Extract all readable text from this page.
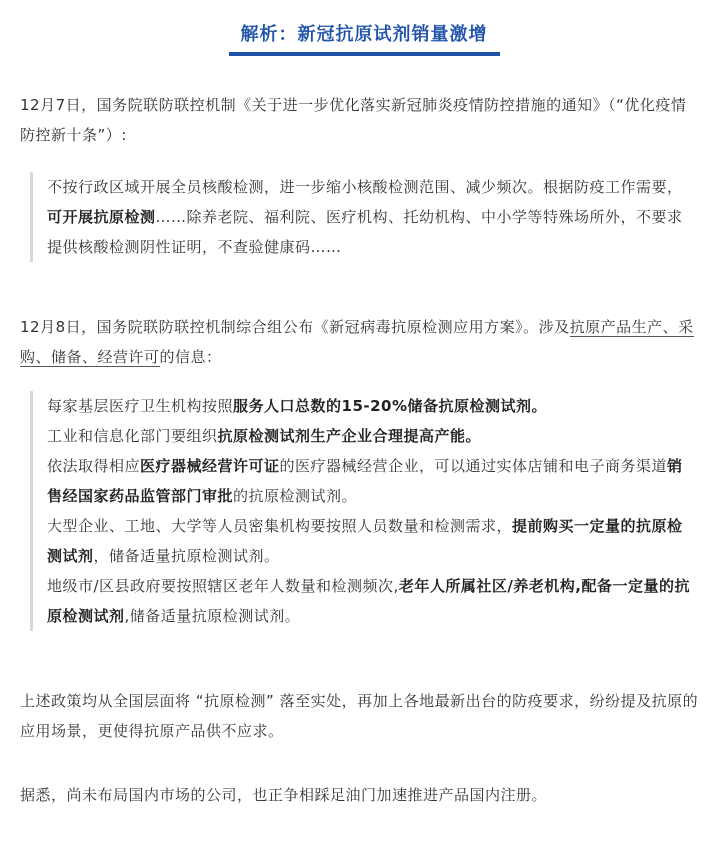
解析：新冠抗原试剂销量激增
12月7日，国务院联防联控机制《关于进一步优化落实新冠肺炎疫情防控措施的通知》（“优化疫情防控新十条”）:

不按行政区域开展全员核酸检测，进一步缩小核酸检测范围、减少频次。根据防疫工作需要，可开展抗原检测……除养老院、福利院、医疗机构、托幼机构、中小学等特殊场所外，不要求提供核酸检测阴性证明，不查验健康码……

12月8日，国务院联防联控机制综合组公布《新冠病毒抗原检测应用方案》。涉及抗原产品生产、采购、储备、经营许可的信息：

每家基层医疗卫生机构按照服务人口总数的15-20%储备抗原检测试剂。

工业和信息化部门要组织抗原检测试剂生产企业合理提高产能。

依法取得相应医疗器械经营许可证的医疗器械经营企业，可以通过实体店铺和电子商务渠道销售经国家药品监管部门审批的抗原检测试剂。

大型企业、工地、大学等人员密集机构要按照人员数量和检测需求，提前购买一定量的抗原检测试剂，储备适量抗原检测试剂。

地级市/区县政府要按照辖区老年人数量和检测频次,老年人所属社区/养老机构,配备一定量的抗原检测试剂,储备适量抗原检测试剂。

上述政策均从全国层面将 “抗原检测” 落至实处，再加上各地最新出台的防疫要求，纷纷提及抗原的应用场景，更使得抗原产品供不应求。
据悉，尚未布局国内市场的公司，也正争相踩足油门加速推进产品国内注册。
